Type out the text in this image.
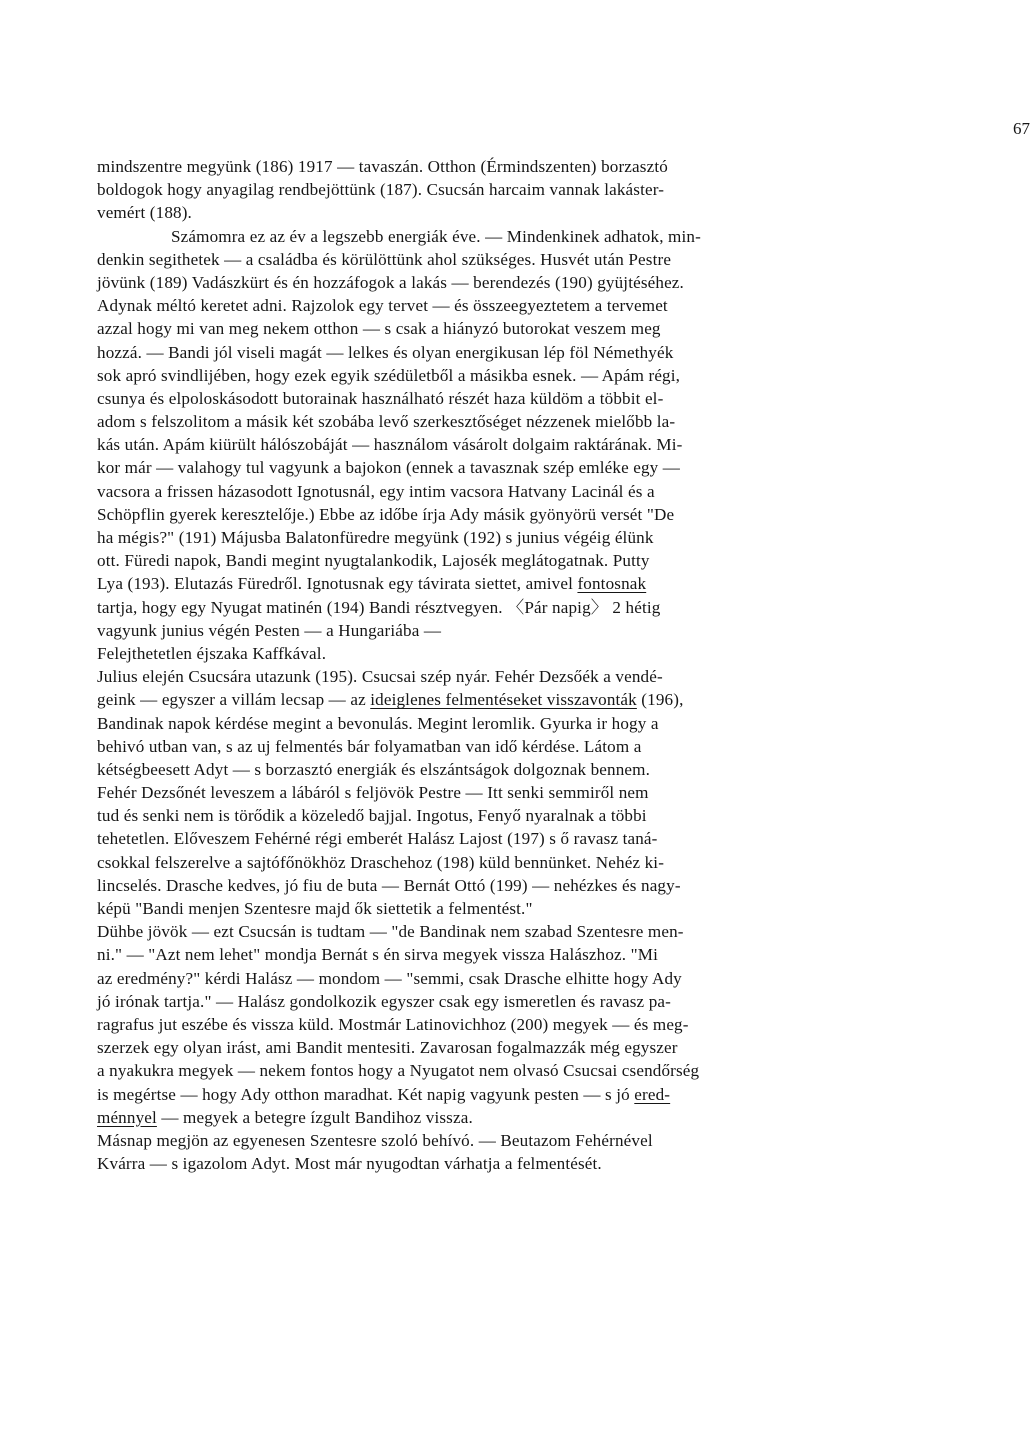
67
mindszentre megyünk (186) 1917 — tavaszán. Otthon (Érmindszenten) borzasztó
boldogok hogy anyagilag rendbejöttünk (187). Csucsán harcaim vannak lakáster-
vemért (188).
Számomra ez az év a legszebb energiák éve. — Mindenkinek adhatok, min-
denkin segithetek — a családba és körülöttünk ahol szükséges. Husvét után Pestre
jövünk (189) Vadászkürt és én hozzáfogok a lakás — berendezés (190) gyüjtéséhez.
Adynak méltó keretet adni. Rajzolok egy tervet — és összeegyeztetem a tervemet
azzal hogy mi van meg nekem otthon — s csak a hiányzó butorokat veszem meg
hozzá. — Bandi jól viseli magát — lelkes és olyan energikusan lép föl Némethyék
sok apró svindlijében, hogy ezek egyik szédületből a másikba esnek. — Apám régi,
csunya és elpoloskásodott butorainak használható részét haza küldöm a többit el-
adom s felszolitom a másik két szobába levő szerkesztőséget nézzenek mielőbb la-
kás után. Apám kiürült hálószobáját — használom vásárolt dolgaim raktárának. Mi-
kor már — valahogy tul vagyunk a bajokon (ennek a tavasznak szép emléke egy —
vacsora a frissen házasodott Ignotusnál, egy intim vacsora Hatvany Lacinál és a
Schöpflin gyerek keresztelője.) Ebbe az időbe írja Ady másik gyönyörü versét "De
ha mégis?" (191) Májusba Balatonfüredre megyünk (192) s junius végéig élünk
ott. Füredi napok, Bandi megint nyugtalankodik, Lajosék meglátogatnak. Putty
Lya (193). Elutazás Füredről. Ignotusnak egy távirata siettet, amivel fontosnak
tartja, hogy egy Nyugat matinén (194) Bandi résztvegyen. 〈Pár napig〉 2 hétig
vagyunk junius végén Pesten — a Hungariába —
Felejthetetlen éjszaka Kaffkával.
Julius elején Csucsára utazunk (195). Csucsai szép nyár. Fehér Dezsőék a vendé-
geink — egyszer a villám lecsap — az ideiglenes felmentéseket visszavonták (196),
Bandinak napok kérdése megint a bevonulás. Megint leromlik. Gyurka ir hogy a
behivó utban van, s az uj felmentés bár folyamatban van idő kérdése. Látom a
kétségbeesett Adyt — s borzasztó energiák és elszántságok dolgoznak bennem.
Fehér Dezsőnét leveszem a lábáról s feljövök Pestre — Itt senki semmiről nem
tud és senki nem is törődik a közeledő bajjal. Ingotus, Fenyő nyaralnak a többi
tehetetlen. Előveszem Fehérné régi emberét Halász Lajost (197) s ő ravasz taná-
csokkal felszerelve a sajtófőnökhöz Draschehoz (198) küld bennünket. Nehéz ki-
lincselés. Drasche kedves, jó fiu de buta — Bernát Ottó (199) — nehézkes és nagy-
képü "Bandi menjen Szentesre majd ők siettetik a felmentést."
Dühbe jövök — ezt Csucsán is tudtam — "de Bandinak nem szabad Szentesre men-
ni." — "Azt nem lehet" mondja Bernát s én sirva megyek vissza Halászhoz. "Mi
az eredmény?" kérdi Halász — mondom — "semmi, csak Drasche elhitte hogy Ady
jó irónak tartja." — Halász gondolkozik egyszer csak egy ismeretlen és ravasz pa-
ragrafus jut eszébe és vissza küld. Mostmár Latinovichhoz (200) megyek — és meg-
szerzek egy olyan irást, ami Bandit mentesiti. Zavarosan fogalmazzák még egyszer
a nyakukra megyek — nekem fontos hogy a Nyugatot nem olvasó Csucsai csendőrség
is megértse — hogy Ady otthon maradhat. Két napig vagyunk pesten — s jó ered-
ménnyel — megyek a betegre ízgult Bandihoz vissza.
Másnap megjön az egyenesen Szentesre szoló behívó. — Beutazom Fehérnével
Kvárra — s igazolom Adyt. Most már nyugodtan várhatja a felmentését.
